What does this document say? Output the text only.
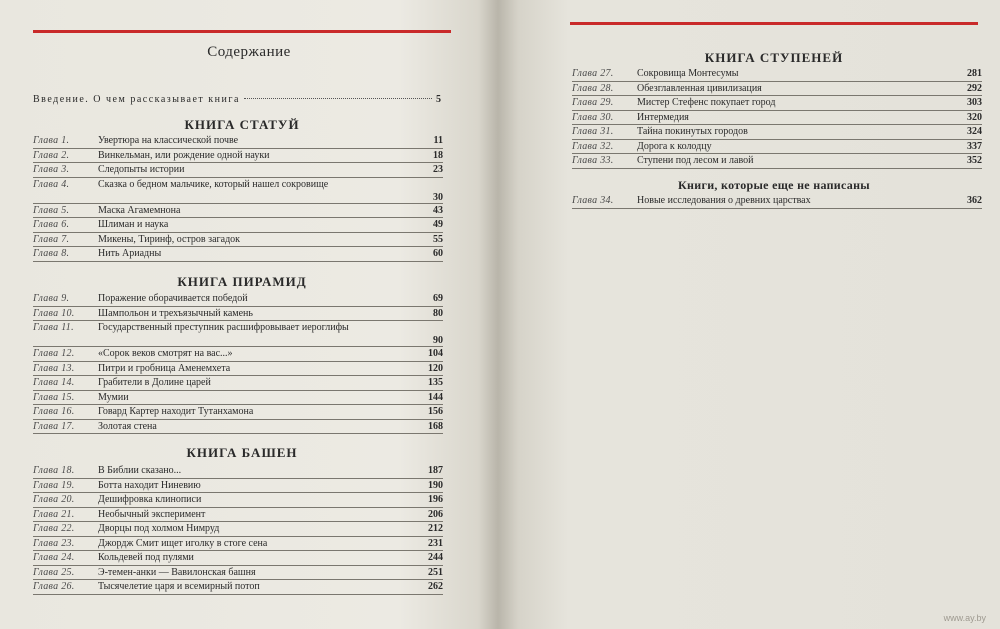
Содержание
Введение. О чем рассказывает книга	5
КНИГА СТАТУЙ
Глава 1.	Увертюра на классической почве	11
Глава 2.	Винкельман, или рождение одной науки	18
Глава 3.	Следопыты истории	23
Глава 4.	Сказка о бедном мальчике, который нашел сокровище
30
Глава 5.	Маска Агамемнона	43
Глава 6.	Шлиман и наука	49
Глава 7.	Микены, Тиринф, остров загадок	55
Глава 8.	Нить Ариадны	60
КНИГА ПИРАМИД
Глава 9.	Поражение оборачивается победой	69
Глава 10.	Шампольон и трехъязычный камень	80
Глава 11.	Государственный преступник расшифровывает иероглифы
90
Глава 12.	«Сорок веков смотрят на вас...»	104
Глава 13.	Питри и гробница Аменемхета	120
Глава 14.	Грабители в Долине царей	135
Глава 15.	Мумии	144
Глава 16.	Говард Картер находит Тутанхамона	156
Глава 17.	Золотая стена	168
КНИГА БАШЕН
Глава 18.	В Библии сказано...	187
Глава 19.	Ботта находит Ниневию	190
Глава 20.	Дешифровка клинописи	196
Глава 21.	Необычный эксперимент	206
Глава 22.	Дворцы под холмом Нимруд	212
Глава 23.	Джордж Смит ищет иголку в стоге сена	231
Глава 24.	Кольдевей под пулями	244
Глава 25.	Э-темен-анки — Вавилонская башня	251
Глава 26.	Тысячелетие царя и всемирный потоп	262
КНИГА СТУПЕНЕЙ
Книги, которые еще не написаны
www.ay.by
Глава 27.	Сокровища Монтесумы	281
Глава 28.	Обезглавленная цивилизация	292
Глава 29.	Мистер Стефенс покупает город	303
Глава 30.	Интермедия	320
Глава 31.	Тайна покинутых городов	324
Глава 32.	Дорога к колодцу	337
Глава 33.	Ступени под лесом и лавой	352
Глава 34.	Новые исследования о древних царствах	362
